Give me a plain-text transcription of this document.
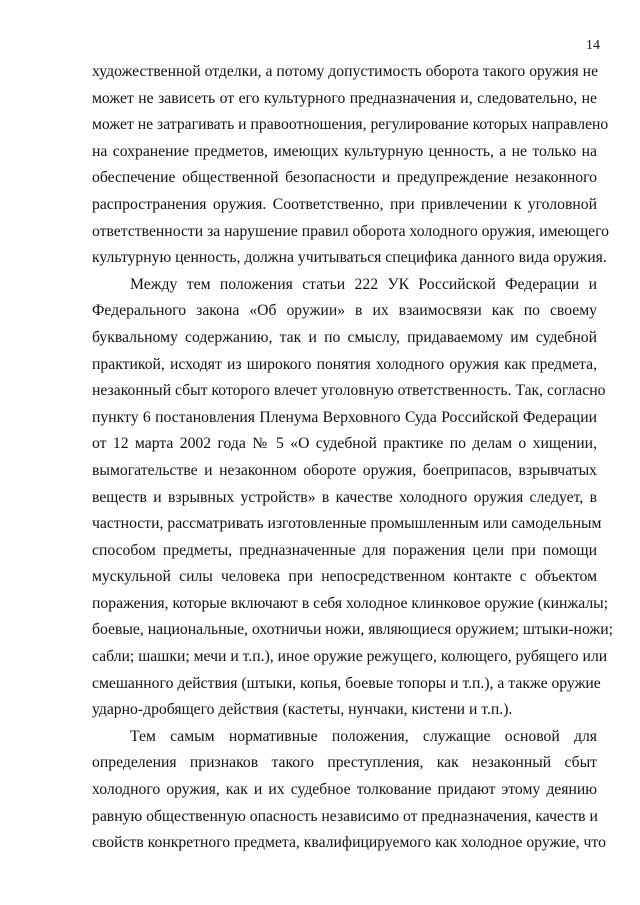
14
художественной отделки, а потому допустимость оборота такого оружия не
может не зависеть от его культурного предназначения и, следовательно, не
может не затрагивать и правоотношения, регулирование которых направлено
на сохранение предметов, имеющих культурную ценность, а не только на
обеспечение общественной безопасности и предупреждение незаконного
распространения оружия. Соответственно, при привлечении к уголовной
ответственности за нарушение правил оборота холодного оружия, имеющего
культурную ценность, должна учитываться специфика данного вида оружия.
Между тем положения статьи 222 УК Российской Федерации и
Федерального закона «Об оружии» в их взаимосвязи как по своему
буквальному содержанию, так и по смыслу, придаваемому им судебной
практикой, исходят из широкого понятия холодного оружия как предмета,
незаконный сбыт которого влечет уголовную ответственность. Так, согласно
пункту 6 постановления Пленума Верховного Суда Российской Федерации
от 12 марта 2002 года № 5 «О судебной практике по делам о хищении,
вымогательстве и незаконном обороте оружия, боеприпасов, взрывчатых
веществ и взрывных устройств» в качестве холодного оружия следует, в
частности, рассматривать изготовленные промышленным или самодельным
способом предметы, предназначенные для поражения цели при помощи
мускульной силы человека при непосредственном контакте с объектом
поражения, которые включают в себя холодное клинковое оружие (кинжалы;
боевые, национальные, охотничьи ножи, являющиеся оружием; штыки-ножи;
сабли; шашки; мечи и т.п.), иное оружие режущего, колющего, рубящего или
смешанного действия (штыки, копья, боевые топоры и т.п.), а также оружие
ударно-дробящего действия (кастеты, нунчаки, кистени и т.п.).
Тем самым нормативные положения, служащие основой для
определения признаков такого преступления, как незаконный сбыт
холодного оружия, как и их судебное толкование придают этому деянию
равную общественную опасность независимо от предназначения, качеств и
свойств конкретного предмета, квалифицируемого как холодное оружие, что
